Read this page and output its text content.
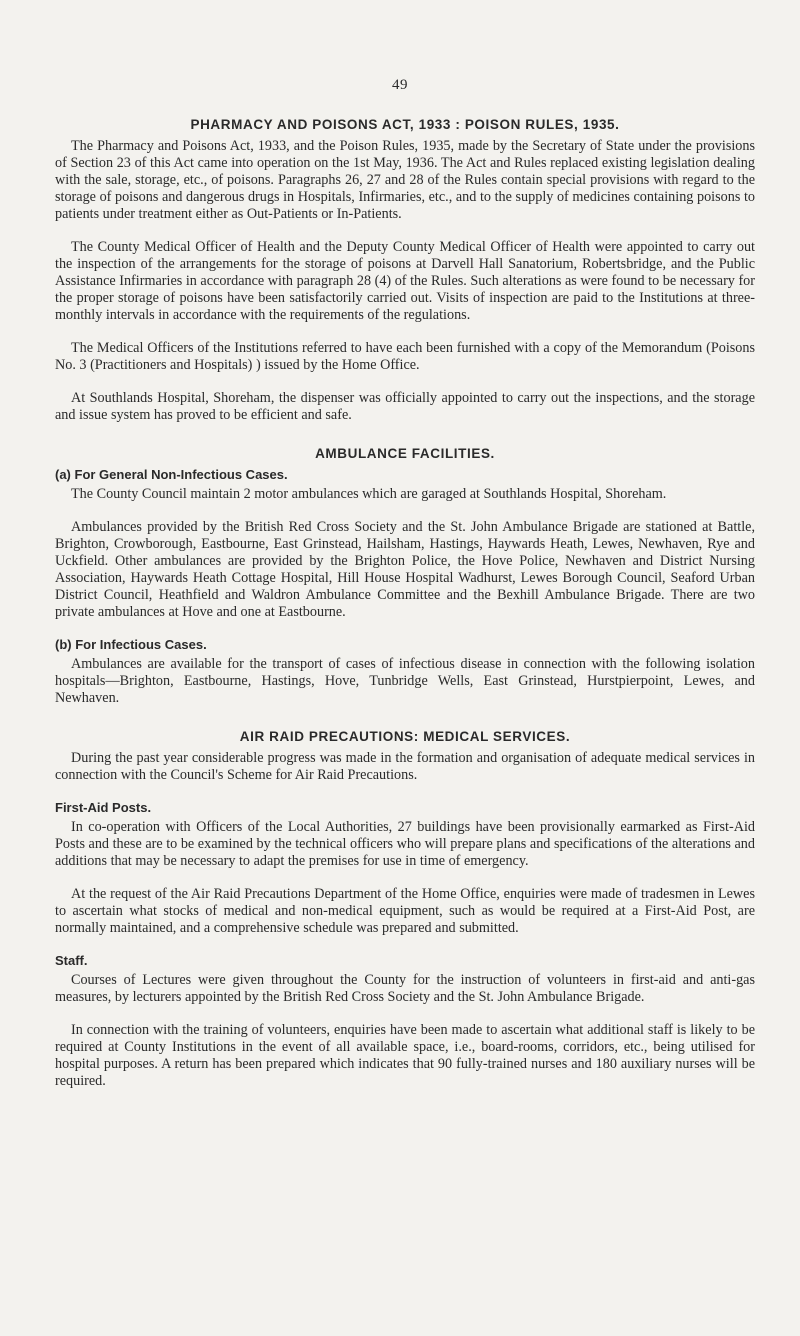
49
PHARMACY AND POISONS ACT, 1933 : POISON RULES, 1935.

The Pharmacy and Poisons Act, 1933, and the Poison Rules, 1935, made by the Secretary of State under the provisions of Section 23 of this Act came into operation on the 1st May, 1936. The Act and Rules replaced existing legislation dealing with the sale, storage, etc., of poisons. Paragraphs 26, 27 and 28 of the Rules contain special provisions with regard to the storage of poisons and dangerous drugs in Hospitals, Infirmaries, etc., and to the supply of medicines containing poisons to patients under treatment either as Out-Patients or In-Patients.

The County Medical Officer of Health and the Deputy County Medical Officer of Health were appointed to carry out the inspection of the arrangements for the storage of poisons at Darvell Hall Sanatorium, Robertsbridge, and the Public Assistance Infirmaries in accordance with paragraph 28 (4) of the Rules. Such alterations as were found to be necessary for the proper storage of poisons have been satisfactorily carried out. Visits of inspection are paid to the Institutions at three-monthly intervals in accordance with the requirements of the regulations.

The Medical Officers of the Institutions referred to have each been furnished with a copy of the Memorandum (Poisons No. 3 (Practitioners and Hospitals) ) issued by the Home Office.

At Southlands Hospital, Shoreham, the dispenser was officially appointed to carry out the inspections, and the storage and issue system has proved to be efficient and safe.

AMBULANCE FACILITIES.
(a) For General Non-Infectious Cases.

The County Council maintain 2 motor ambulances which are garaged at Southlands Hospital, Shoreham.

Ambulances provided by the British Red Cross Society and the St. John Ambulance Brigade are stationed at Battle, Brighton, Crowborough, Eastbourne, East Grinstead, Hailsham, Hastings, Haywards Heath, Lewes, Newhaven, Rye and Uckfield. Other ambulances are provided by the Brighton Police, the Hove Police, Newhaven and District Nursing Association, Haywards Heath Cottage Hospital, Hill House Hospital Wadhurst, Lewes Borough Council, Seaford Urban District Council, Heathfield and Waldron Ambulance Committee and the Bexhill Ambulance Brigade. There are two private ambulances at Hove and one at Eastbourne.

(b) For Infectious Cases.

Ambulances are available for the transport of cases of infectious disease in connection with the following isolation hospitals—Brighton, Eastbourne, Hastings, Hove, Tunbridge Wells, East Grinstead, Hurstpierpoint, Lewes, and Newhaven.

AIR RAID PRECAUTIONS: MEDICAL SERVICES.

During the past year considerable progress was made in the formation and organisation of adequate medical services in connection with the Council's Scheme for Air Raid Precautions.

First-Aid Posts.

In co-operation with Officers of the Local Authorities, 27 buildings have been provisionally earmarked as First-Aid Posts and these are to be examined by the technical officers who will prepare plans and specifications of the alterations and additions that may be necessary to adapt the premises for use in time of emergency.

At the request of the Air Raid Precautions Department of the Home Office, enquiries were made of tradesmen in Lewes to ascertain what stocks of medical and non-medical equipment, such as would be required at a First-Aid Post, are normally maintained, and a comprehensive schedule was prepared and submitted.

Staff.

Courses of Lectures were given throughout the County for the instruction of volunteers in first-aid and anti-gas measures, by lecturers appointed by the British Red Cross Society and the St. John Ambulance Brigade.

In connection with the training of volunteers, enquiries have been made to ascertain what additional staff is likely to be required at County Institutions in the event of all available space, i.e., board-rooms, corridors, etc., being utilised for hospital purposes. A return has been prepared which indicates that 90 fully-trained nurses and 180 auxiliary nurses will be required.
